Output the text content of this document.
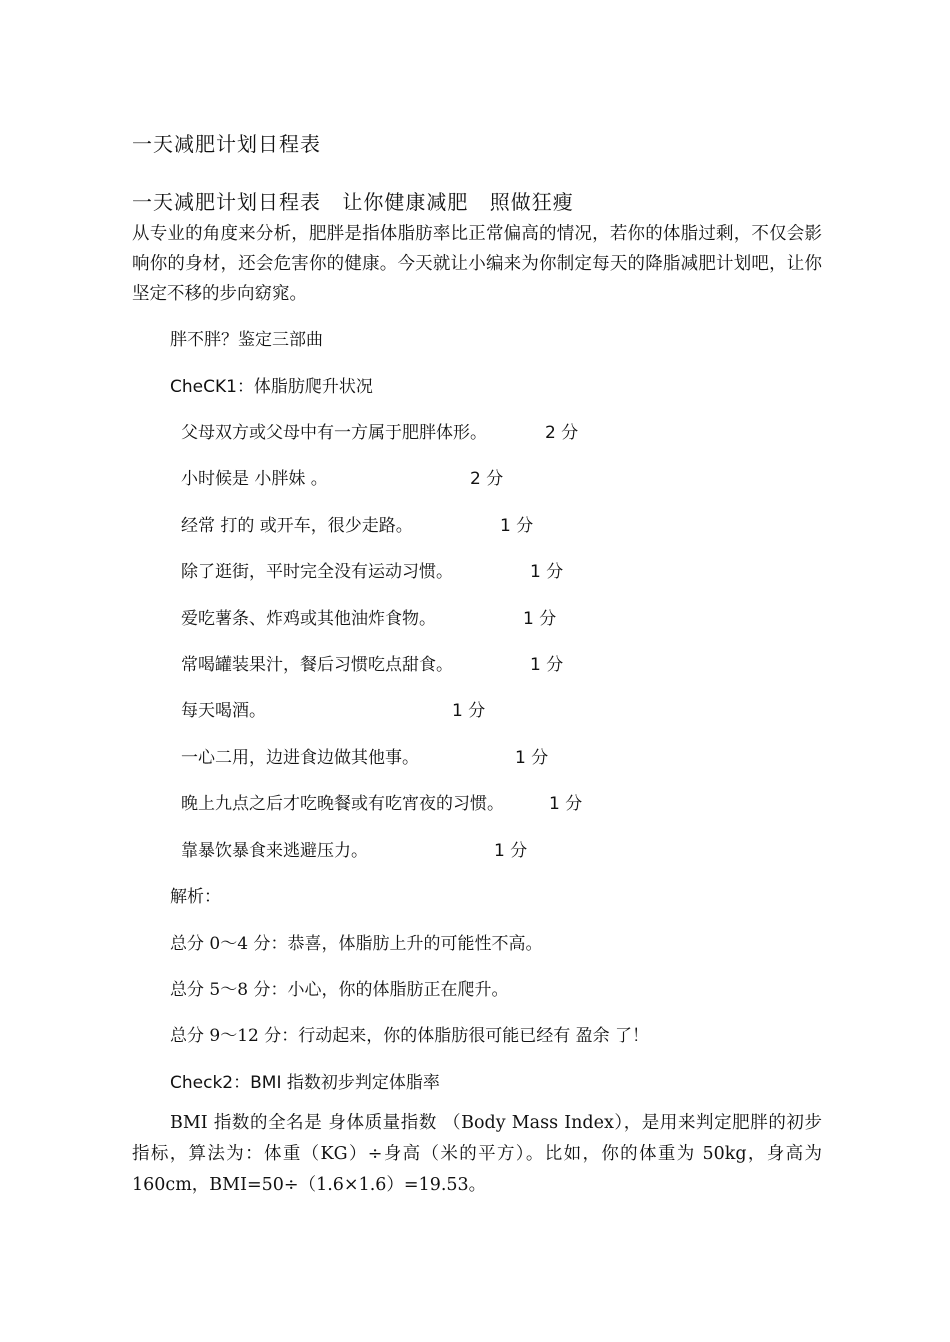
一天减肥计划日程表
一天减肥计划日程表 让你健康减肥 照做狂瘦
从专业的角度来分析，肥胖是指体脂肪率比正常偏高的情况，若你的体脂过剩，不仅会影响你的身材，还会危害你的健康。今天就让小编来为你制定每天的降脂减肥计划吧，让你坚定不移的步向窈窕。
胖不胖？鉴定三部曲
CheCK1：体脂肪爬升状况
父母双方或父母中有一方属于肥胖体形。	2 分
小时候是 小胖妹 。	2 分
经常 打的 或开车，很少走路。	1 分
除了逛街，平时完全没有运动习惯。	1 分
爱吃薯条、炸鸡或其他油炸食物。	1 分
常喝罐装果汁，餐后习惯吃点甜食。	1 分
每天喝酒。	1 分
一心二用，边进食边做其他事。	1 分
晚上九点之后才吃晚餐或有吃宵夜的习惯。	1 分
靠暴饮暴食来逃避压力。	1 分
解析：
总分 0～4 分：恭喜，体脂肪上升的可能性不高。
总分 5～8 分：小心，你的体脂肪正在爬升。
总分 9～12 分：行动起来，你的体脂肪很可能已经有 盈余 了！
Check2：BMI 指数初步判定体脂率
BMI 指数的全名是 身体质量指数 （Body Mass Index），是用来判定肥胖的初步指标，算法为：体重（KG）÷身高（米的平方）。比如，你的体重为 50kg，身高为 160cm，BMI=50÷（1.6×1.6）=19.53。
